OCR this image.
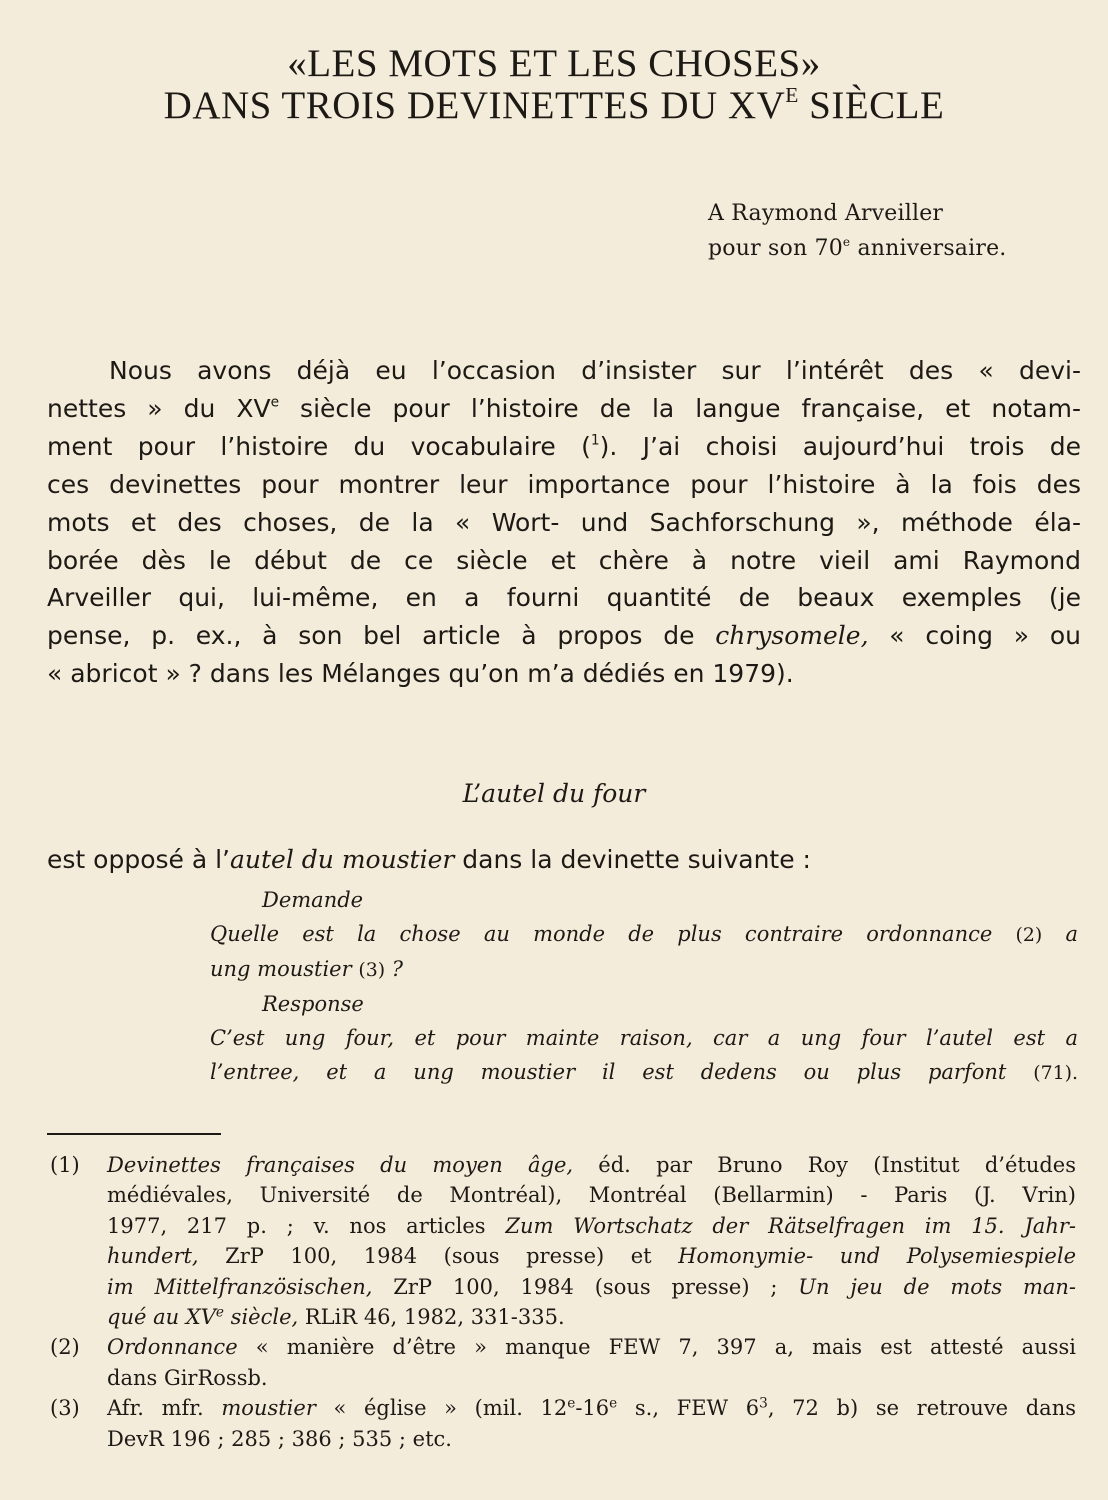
«LES MOTS ET LES CHOSES»
DANS TROIS DEVINETTES DU $XV^E$ SIÈCLE
A Raymond Arveiller
pour son 70e anniversaire.
Nous avons déjà eu l’occasion d’insister sur l’intérêt des « devi-
nettes » du XVe siècle pour l’histoire de la langue française, et notam-
ment pour l’histoire du vocabulaire ($^1$). J’ai choisi aujourd’hui trois de
ces devinettes pour montrer leur importance pour l’histoire à la fois des
mots et des choses, de la « Wort- und Sachforschung », méthode éla-
borée dès le début de ce siècle et chère à notre vieil ami Raymond
Arveiller qui, lui-même, en a fourni quantité de beaux exemples (je
pense, p. ex., à son bel article à propos de chrysomele, « coing » ou
« abricot » ? dans les Mélanges qu’on m’a dédiés en 1979).
L’autel du four
est opposé à l’autel du moustier dans la devinette suivante :
Demande
Quelle est la chose au monde de plus contraire ordonnance (2) a
ung moustier (3) ?
Response
C’est ung four, et pour mainte raison, car a ung four l’autel est a
l’entree, et a ung moustier il est dedens ou plus parfont (71).
(1) Devinettes françaises du moyen âge, éd. par Bruno Roy (Institut d’études
médiévales, Université de Montréal), Montréal (Bellarmin) - Paris (J. Vrin)
1977, 217 p. ; v. nos articles Zum Wortschatz der Rätselfragen im 15. Jahr-
hundert, ZrP 100, 1984 (sous presse) et Homonymie- und Polysemiespiele
im Mittelfranzösischen, ZrP 100, 1984 (sous presse) ; Un jeu de mots man-
qué au XVe siècle, RLiR 46, 1982, 331-335.
(2) Ordonnance « manière d’être » manque FEW 7, 397 a, mais est attesté aussi
dans GirRossb.
(3) Afr. mfr. moustier « église » (mil. 12e-16e s., FEW $6^3$, 72 b) se retrouve dans
DevR 196 ; 285 ; 386 ; 535 ; etc.
